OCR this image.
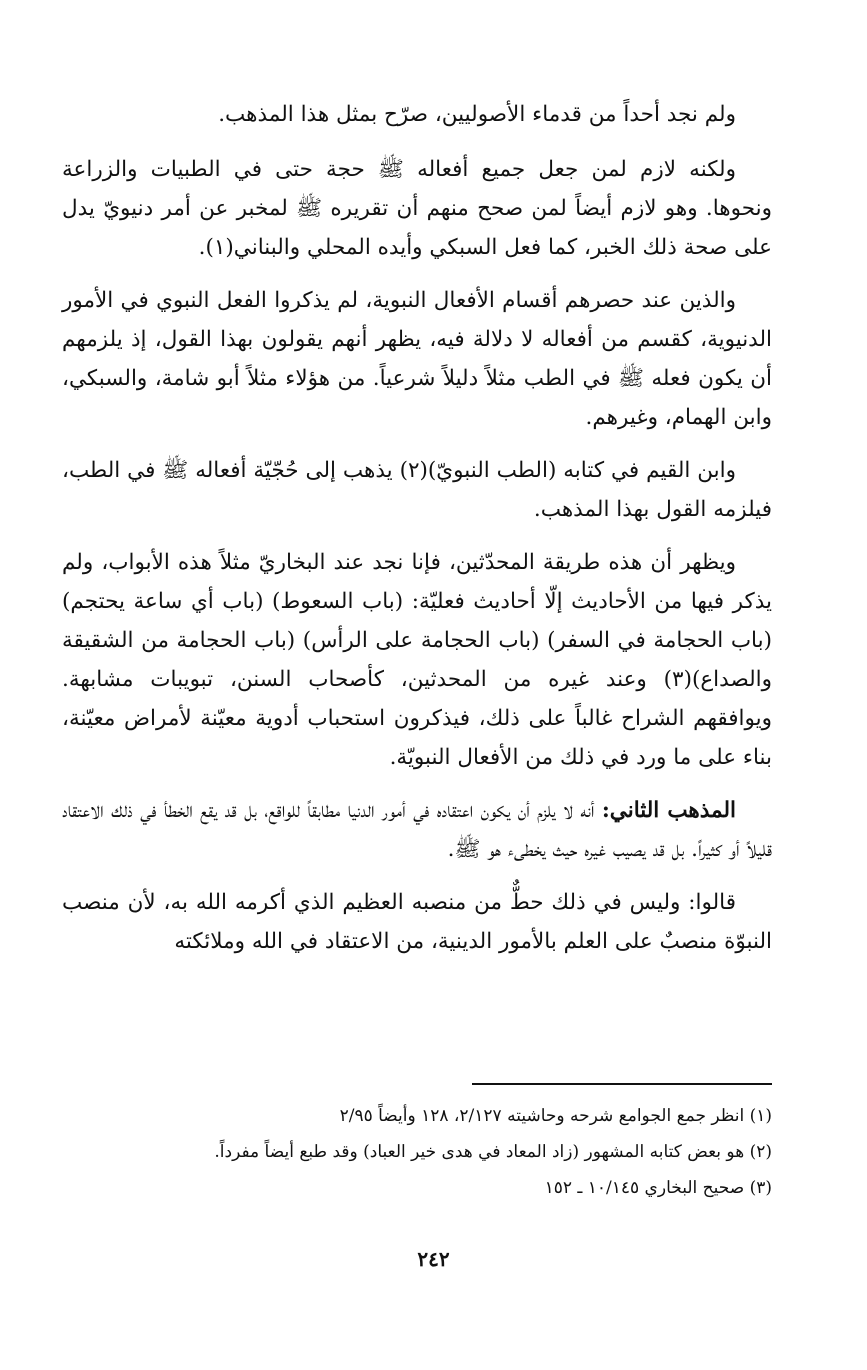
ولم نجد أحداً من قدماء الأصوليين، صرّح بمثل هذا المذهب.

ولكنه لازم لمن جعل جميع أفعاله ﷺ حجة حتى في الطبيات والزراعة ونحوها. وهو لازم أيضاً لمن صحح منهم أن تقريره ﷺ لمخبر عن أمر دنيويّ يدل على صحة ذلك الخبر، كما فعل السبكي وأيده المحلي والبناني(١).

والذين عند حصرهم أقسام الأفعال النبوية، لم يذكروا الفعل النبوي في الأمور الدنيوية، كقسم من أفعاله لا دلالة فيه، يظهر أنهم يقولون بهذا القول، إذ يلزمهم أن يكون فعله ﷺ في الطب مثلاً دليلاً شرعياً. من هؤلاء مثلاً أبو شامة، والسبكي، وابن الهمام، وغيرهم.

وابن القيم في كتابه (الطب النبويّ)(٢) يذهب إلى حُجّيّة أفعاله ﷺ في الطب، فيلزمه القول بهذا المذهب.

ويظهر أن هذه طريقة المحدّثين، فإنا نجد عند البخاريّ مثلاً هذه الأبواب، ولم يذكر فيها من الأحاديث إلّا أحاديث فعليّة: (باب السعوط) (باب أي ساعة يحتجم) (باب الحجامة في السفر) (باب الحجامة على الرأس) (باب الحجامة من الشقيقة والصداع)(٣) وعند غيره من المحدثين، كأصحاب السنن، تبويبات مشابهة. ويوافقهم الشراح غالباً على ذلك، فيذكرون استحباب أدوية معيّنة لأمراض معيّنة، بناء على ما ورد في ذلك من الأفعال النبويّة.

المذهب الثاني: أنه لا يلزم أن يكون اعتقاده في أمور الدنيا مطابقاً للواقع، بل قد يقع الخطأ في ذلك الاعتقاد قليلاً أو كثيراً. بل قد يصيب غيره حيث يخطىء هو ﷺ.

قالوا: وليس في ذلك حطٌّ من منصبه العظيم الذي أكرمه الله به، لأن منصب النبوّة منصبٌ على العلم بالأمور الدينية، من الاعتقاد في الله وملائكته

(١) انظر جمع الجوامع شرحه وحاشيته ٢/١٢٧، ١٢٨ وأيضاً ٢/٩٥

(٢) هو بعض كتابه المشهور (زاد المعاد في هدى خير العباد) وقد طبع أيضاً مفرداً.

(٣) صحيح البخاري ١٠/١٤٥ ـ ١٥٢

٢٤٢
